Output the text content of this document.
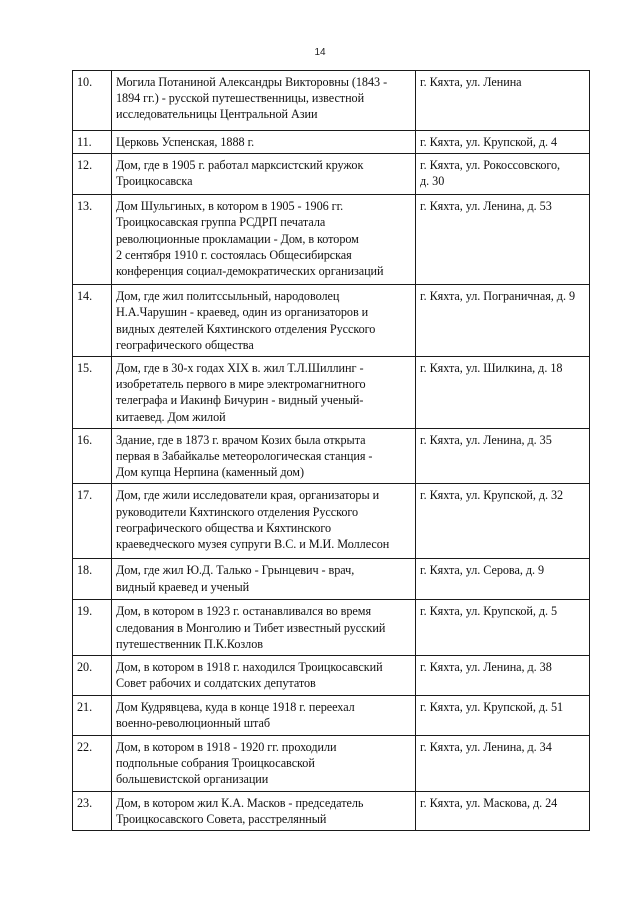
14
10.	Могила Потаниной Александры Викторовны (1843 -
1894 гг.) - русской путешественницы, известной
исследовательницы Центральной Азии	г. Кяхта, ул. Ленина
11.	Церковь Успенская, 1888 г.	г. Кяхта, ул. Крупской, д. 4
12.	Дом, где в 1905 г. работал марксистский кружок
Троицкосавска	г. Кяхта, ул. Рокоссовского,
д. 30
13.	Дом Шульгиных, в котором в 1905 - 1906 гг.
Троицкосавская группа РСДРП печатала
революционные прокламации - Дом, в котором
2 сентября 1910 г. состоялась Общесибирская
конференция социал-демократических организаций	г. Кяхта, ул. Ленина, д. 53
14.	Дом, где жил политссыльный, народоволец
Н.А.Чарушин - краевед, один из организаторов и
видных деятелей Кяхтинского отделения Русского
географического общества	г. Кяхта, ул. Пограничная, д. 9
15.	Дом, где в 30-х годах XIX в. жил Т.Л.Шиллинг -
изобретатель первого в мире электромагнитного
телеграфа и Иакинф Бичурин - видный ученый-
китаевед. Дом жилой	г. Кяхта, ул. Шилкина, д. 18
16.	Здание, где в 1873 г. врачом Козих была открыта
первая в Забайкалье метеорологическая станция -
Дом купца Нерпина (каменный дом)	г. Кяхта, ул. Ленина, д. 35
17.	Дом, где жили исследователи края, организаторы и
руководители Кяхтинского отделения Русского
географического общества и Кяхтинского
краеведческого музея супруги В.С. и М.И. Моллесон	г. Кяхта, ул. Крупской, д. 32
18.	Дом, где жил Ю.Д. Талько - Грынцевич - врач,
видный краевед и ученый	г. Кяхта, ул. Серова, д. 9
19.	Дом, в котором в 1923 г. останавливался во время
следования в Монголию и Тибет известный русский
путешественник П.К.Козлов	г. Кяхта, ул. Крупской, д. 5
20.	Дом, в котором в 1918 г. находился Троицкосавский
Совет рабочих и солдатских депутатов	г. Кяхта, ул. Ленина, д. 38
21.	Дом Кудрявцева, куда в конце 1918 г. переехал
военно-революционный штаб	г. Кяхта, ул. Крупской, д. 51
22.	Дом, в котором в 1918 - 1920 гг. проходили
подпольные собрания Троицкосавской
большевистской организации	г. Кяхта, ул. Ленина, д. 34
23.	Дом, в котором жил К.А. Масков - председатель
Троицкосавского Совета, расстрелянный	г. Кяхта, ул. Маскова, д. 24
